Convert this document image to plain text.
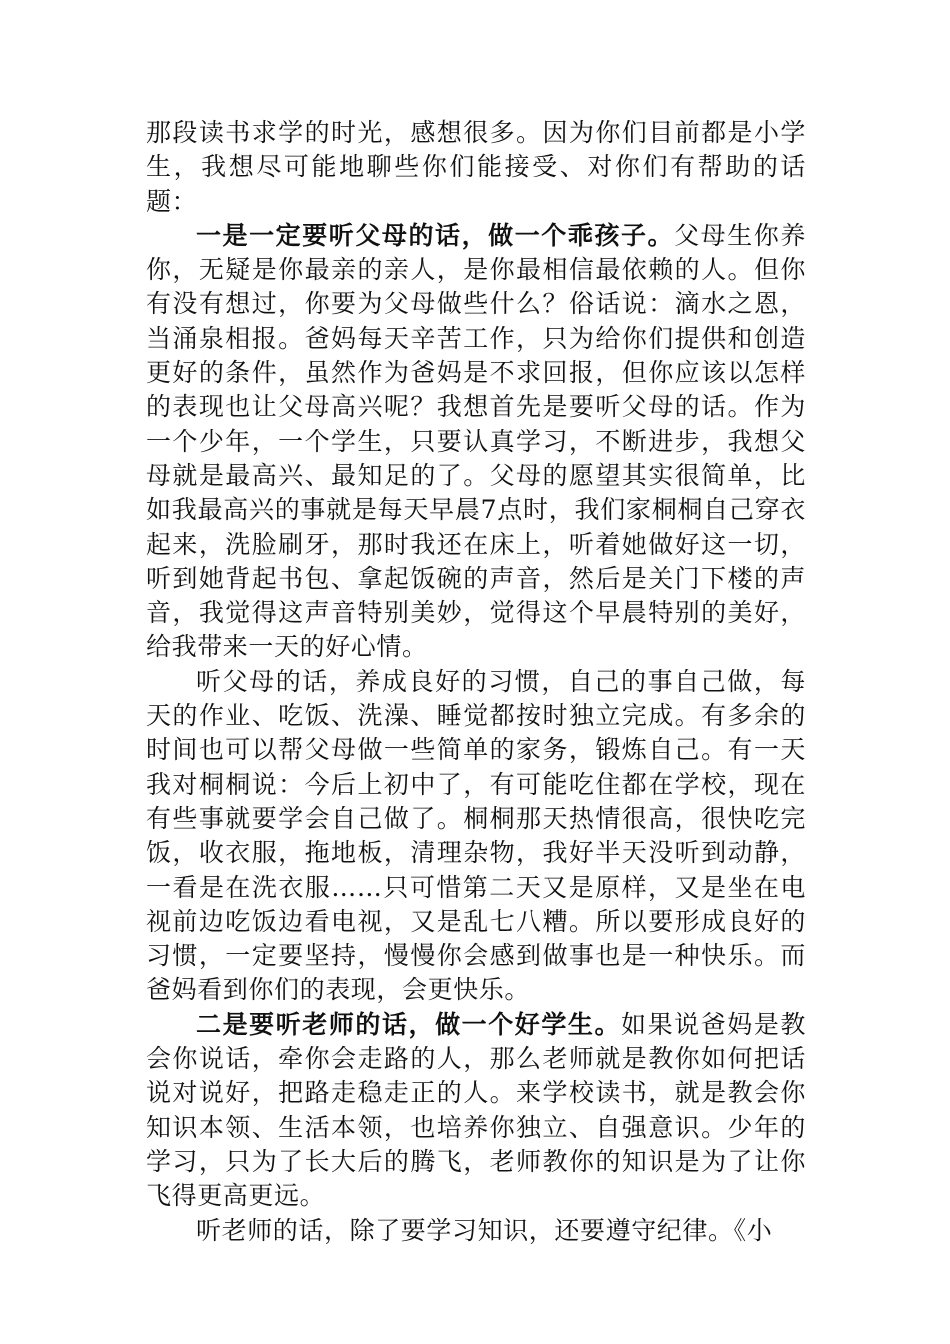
那段读书求学的时光，感想很多。因为你们目前都是小学生，我想尽可能地聊些你们能接受、对你们有帮助的话题：

一是一定要听父母的话，做一个乖孩子。父母生你养你，无疑是你最亲的亲人，是你最相信最依赖的人。但你有没有想过，你要为父母做些什么？俗话说：滴水之恩，当涌泉相报。爸妈每天辛苦工作，只为给你们提供和创造更好的条件，虽然作为爸妈是不求回报，但你应该以怎样的表现也让父母高兴呢？我想首先是要听父母的话。作为一个少年，一个学生，只要认真学习，不断进步，我想父母就是最高兴、最知足的了。父母的愿望其实很简单，比如我最高兴的事就是每天早晨7点时，我们家桐桐自己穿衣起来，洗脸刷牙，那时我还在床上，听着她做好这一切，听到她背起书包、拿起饭碗的声音，然后是关门下楼的声音，我觉得这声音特别美妙，觉得这个早晨特别的美好，给我带来一天的好心情。

听父母的话，养成良好的习惯，自己的事自己做，每天的作业、吃饭、洗澡、睡觉都按时独立完成。有多余的时间也可以帮父母做一些简单的家务，锻炼自己。有一天我对桐桐说：今后上初中了，有可能吃住都在学校，现在有些事就要学会自己做了。桐桐那天热情很高，很快吃完饭，收衣服，拖地板，清理杂物，我好半天没听到动静，一看是在洗衣服……只可惜第二天又是原样，又是坐在电视前边吃饭边看电视，又是乱七八糟。所以要形成良好的习惯，一定要坚持，慢慢你会感到做事也是一种快乐。而爸妈看到你们的表现，会更快乐。

二是要听老师的话，做一个好学生。如果说爸妈是教会你说话，牵你会走路的人，那么老师就是教你如何把话说对说好，把路走稳走正的人。来学校读书，就是教会你知识本领、生活本领，也培养你独立、自强意识。少年的学习，只为了长大后的腾飞，老师教你的知识是为了让你飞得更高更远。

听老师的话，除了要学习知识，还要遵守纪律。《小
